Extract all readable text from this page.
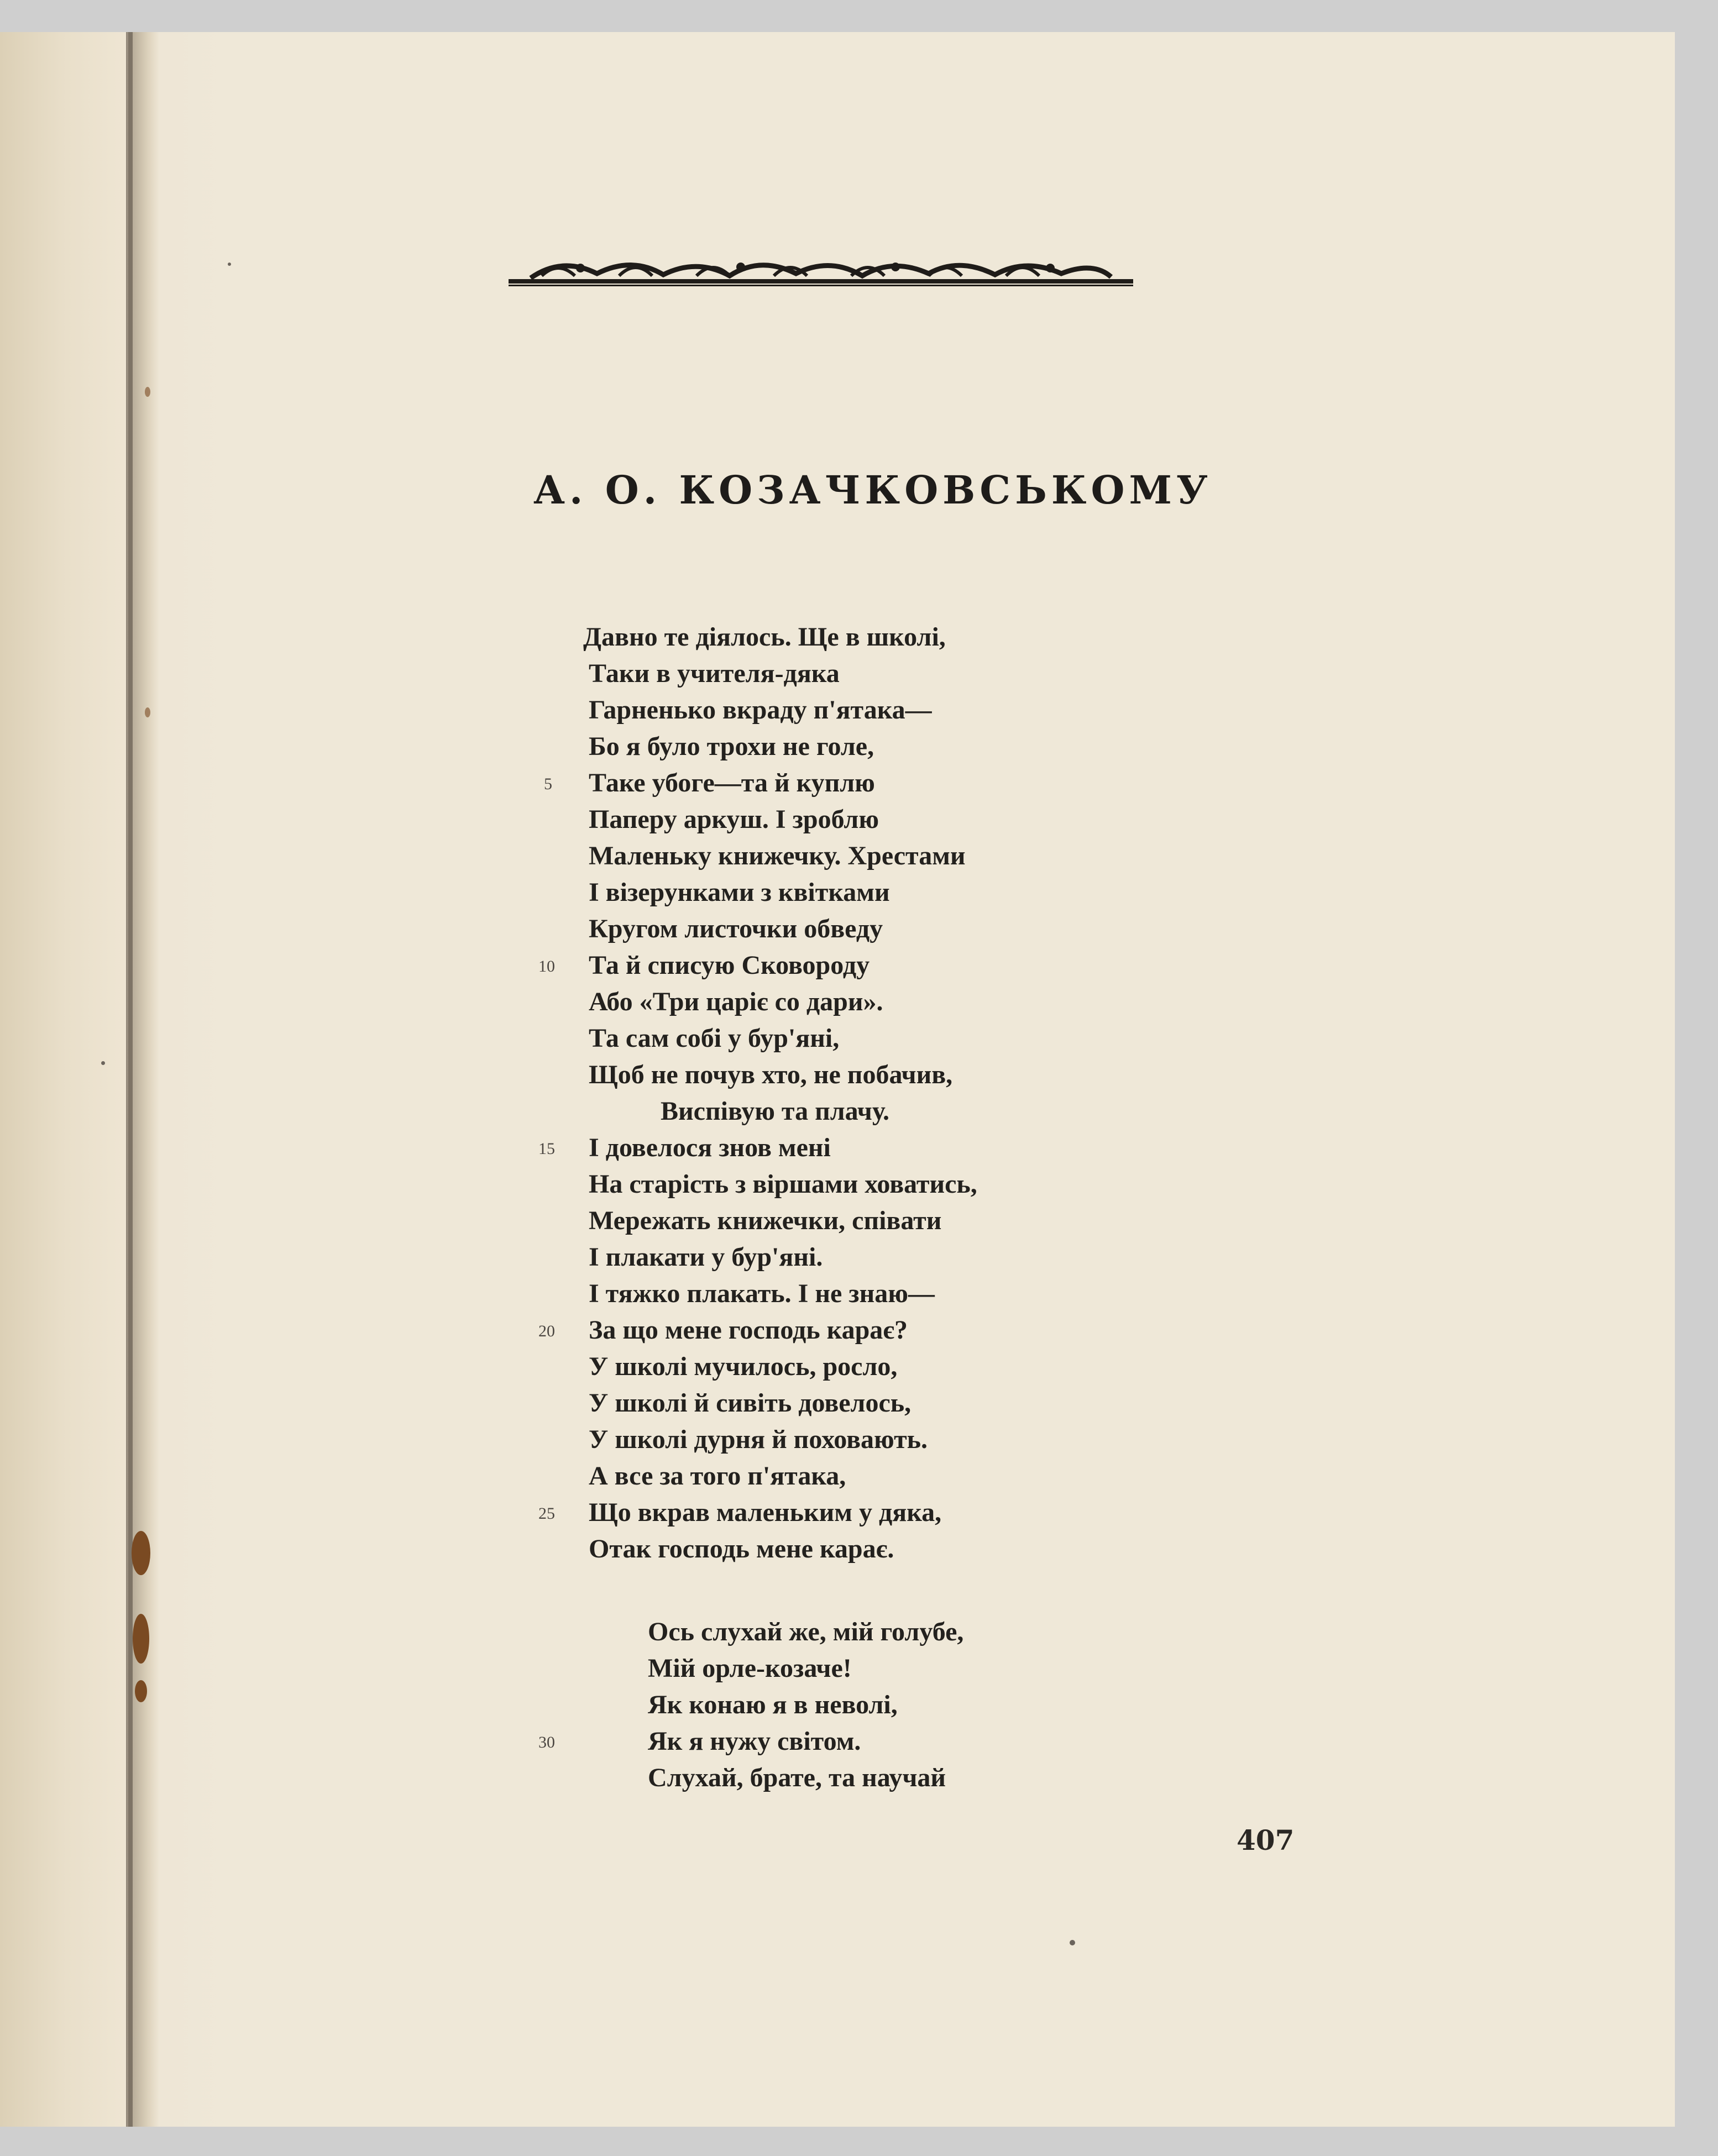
А. О. КОЗАЧКОВСЬКОМУ
Давно те діялось. Ще в школі,
Таки в учителя-дяка
Гарненько вкраду п'ятака—
Бо я було трохи не голе,
5	Таке убоге—та й куплю
Паперу аркуш. І зроблю
Маленьку книжечку. Хрестами
І візерунками з квітками
Кругом листочки обведу
10	Та й списую Сковороду
Або «Три царіє со дари».
Та сам собі у бур'яні,
Щоб не почув хто, не побачив,
Виспівую та плачу.
15	І довелося знов мені
На старість з віршами ховатись,
Мережать книжечки, співати
І плакати у бур'яні.
І тяжко плакать. І не знаю—
20	За що мене господь карає?
У школі мучилось, росло,
У школі й сивіть довелось,
У школі дурня й поховають.
А все за того п'ятака,
25	Що вкрав маленьким у дяка,
Отак господь мене карає.
Ось слухай же, мій голубе,
Мій орле-козаче!
Як конаю я в неволі,
30	Як я нужу світом.
Слухай, брате, та научай
407
